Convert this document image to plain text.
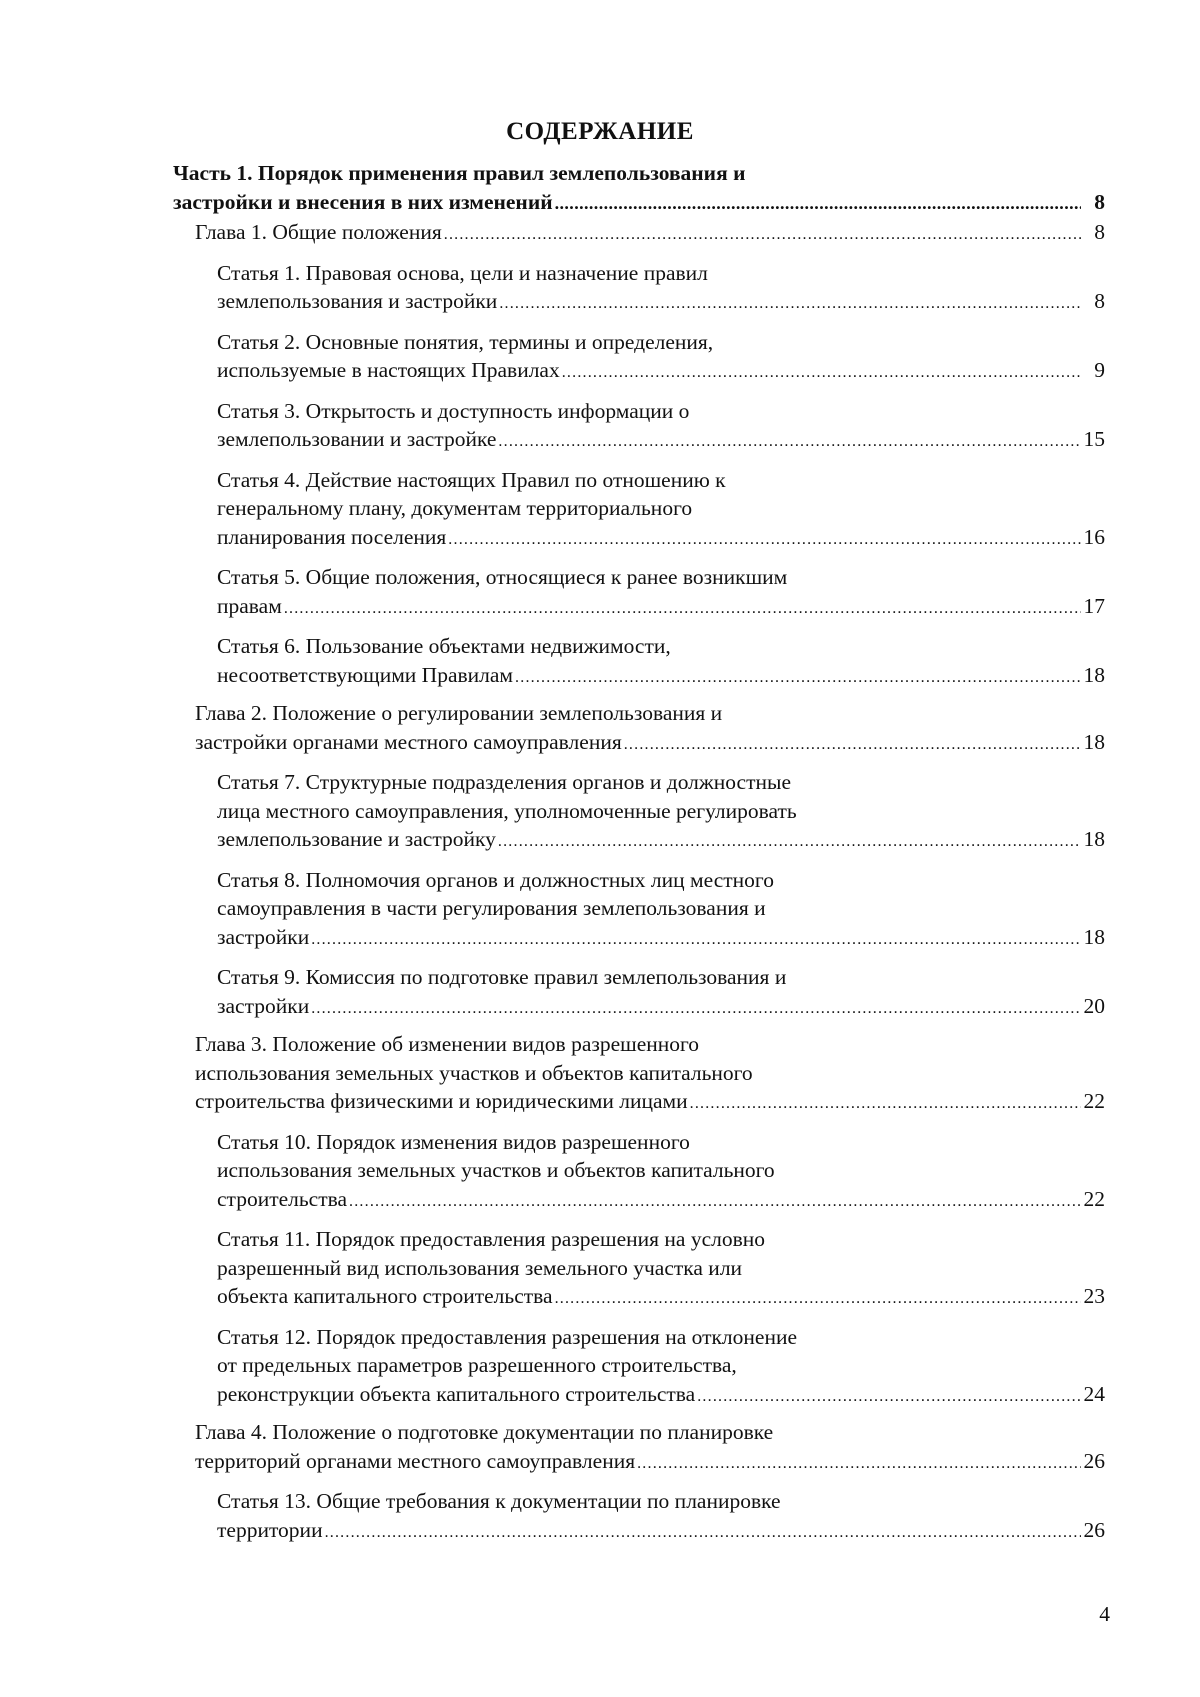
СОДЕРЖАНИЕ
Часть 1. Порядок применения правил землепользования и
застройки и внесения в них изменений .....	8
Глава 1. Общие положения .....	8
Статья 1. Правовая основа, цели и назначение правил
землепользования и застройки .....	8
Статья 2. Основные понятия, термины и определения,
используемые в настоящих Правилах .....	9
Статья 3. Открытость и доступность информации о
землепользовании и застройке .....	15
Статья 4. Действие настоящих Правил по отношению к
генеральному плану, документам территориального
планирования поселения .....	16
Статья 5. Общие положения, относящиеся к ранее возникшим
правам .....	17
Статья 6. Пользование объектами недвижимости,
несоответствующими Правилам .....	18
Глава 2. Положение о регулировании землепользования и
застройки органами местного самоуправления .....	18
Статья 7. Структурные подразделения органов и должностные
лица местного самоуправления, уполномоченные регулировать
землепользование и застройку .....	18
Статья 8. Полномочия органов и должностных лиц местного
самоуправления в части регулирования землепользования и
застройки .....	18
Статья 9. Комиссия по подготовке правил землепользования и
застройки .....	20
Глава 3. Положение об изменении видов разрешенного
использования земельных участков и объектов капитального
строительства физическими и юридическими лицами .....	22
Статья 10. Порядок изменения видов разрешенного
использования земельных участков и объектов капитального
строительства .....	22
Статья 11. Порядок предоставления разрешения на условно
разрешенный вид использования земельного участка или
объекта капитального строительства .....	23
Статья 12. Порядок предоставления разрешения на отклонение
от предельных параметров разрешенного строительства,
реконструкции объекта капитального строительства .....	24
Глава 4. Положение о подготовке документации по планировке
территорий органами местного самоуправления .....	26
Статья 13. Общие требования к документации по планировке
территории .....	26
4
